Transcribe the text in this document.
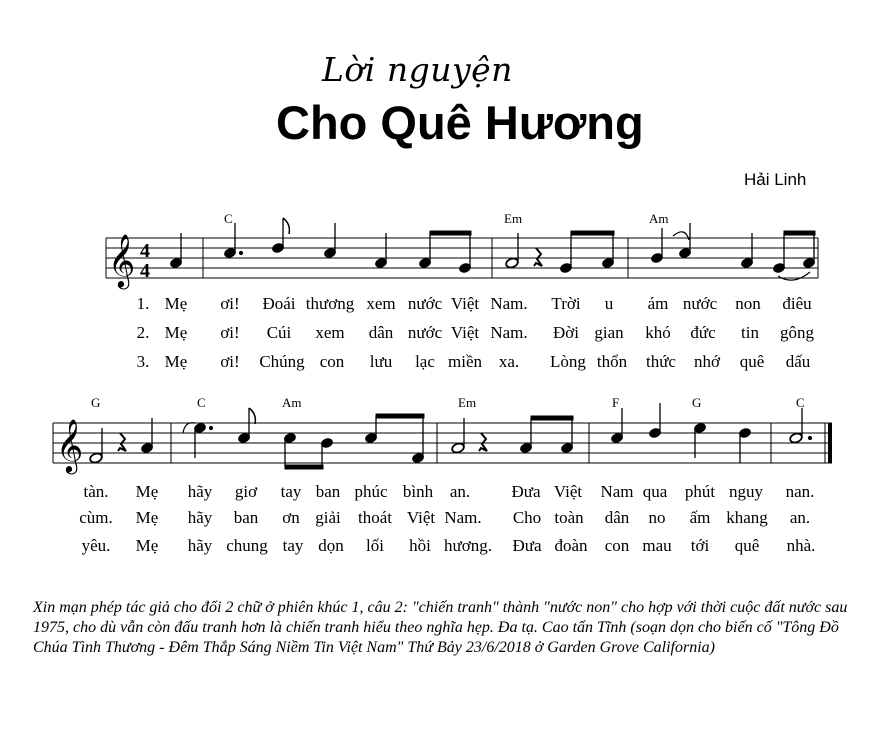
Lời nguyện
Cho Quê Hương
Hải Linh
𝄞 4
4
C	Em	Am
1. Mẹ ơi! Đoái thương xem nước Việt Nam. Trời u ám nước non điêu
2. Mẹ ơi! Cúi xem dân nước Việt Nam. Đời gian khó đức tin gông
3. Mẹ ơi! Chúng con lưu lạc miền xa. Lòng thổn thức nhớ quê dấu
𝄞
G	C	Am	Em	F	G	C
tàn. Mẹ hãy giơ tay ban phúc bình an. Đưa Việt Nam qua phút nguy nan.
cùm. Mẹ hãy ban ơn giải thoát Việt Nam. Cho toàn dân no ấm khang an.
yêu. Mẹ hãy chung tay dọn lối hồi hương. Đưa đoàn con mau tới quê nhà.
Xin mạn phép tác giả cho đổi 2 chữ ở phiên khúc 1, câu 2: "chiến tranh" thành "nước non" cho hợp với thời cuộc đất nước sau 1975, cho dù vẫn còn đấu tranh hơn là chiến tranh hiểu theo nghĩa hẹp. Đa tạ. Cao tấn Tĩnh (soạn dọn cho biến cố "Tông Đồ Chúa Tình Thương - Đêm Thắp Sáng Niềm Tin Việt Nam" Thứ Bảy 23/6/2018 ở Garden Grove California)
